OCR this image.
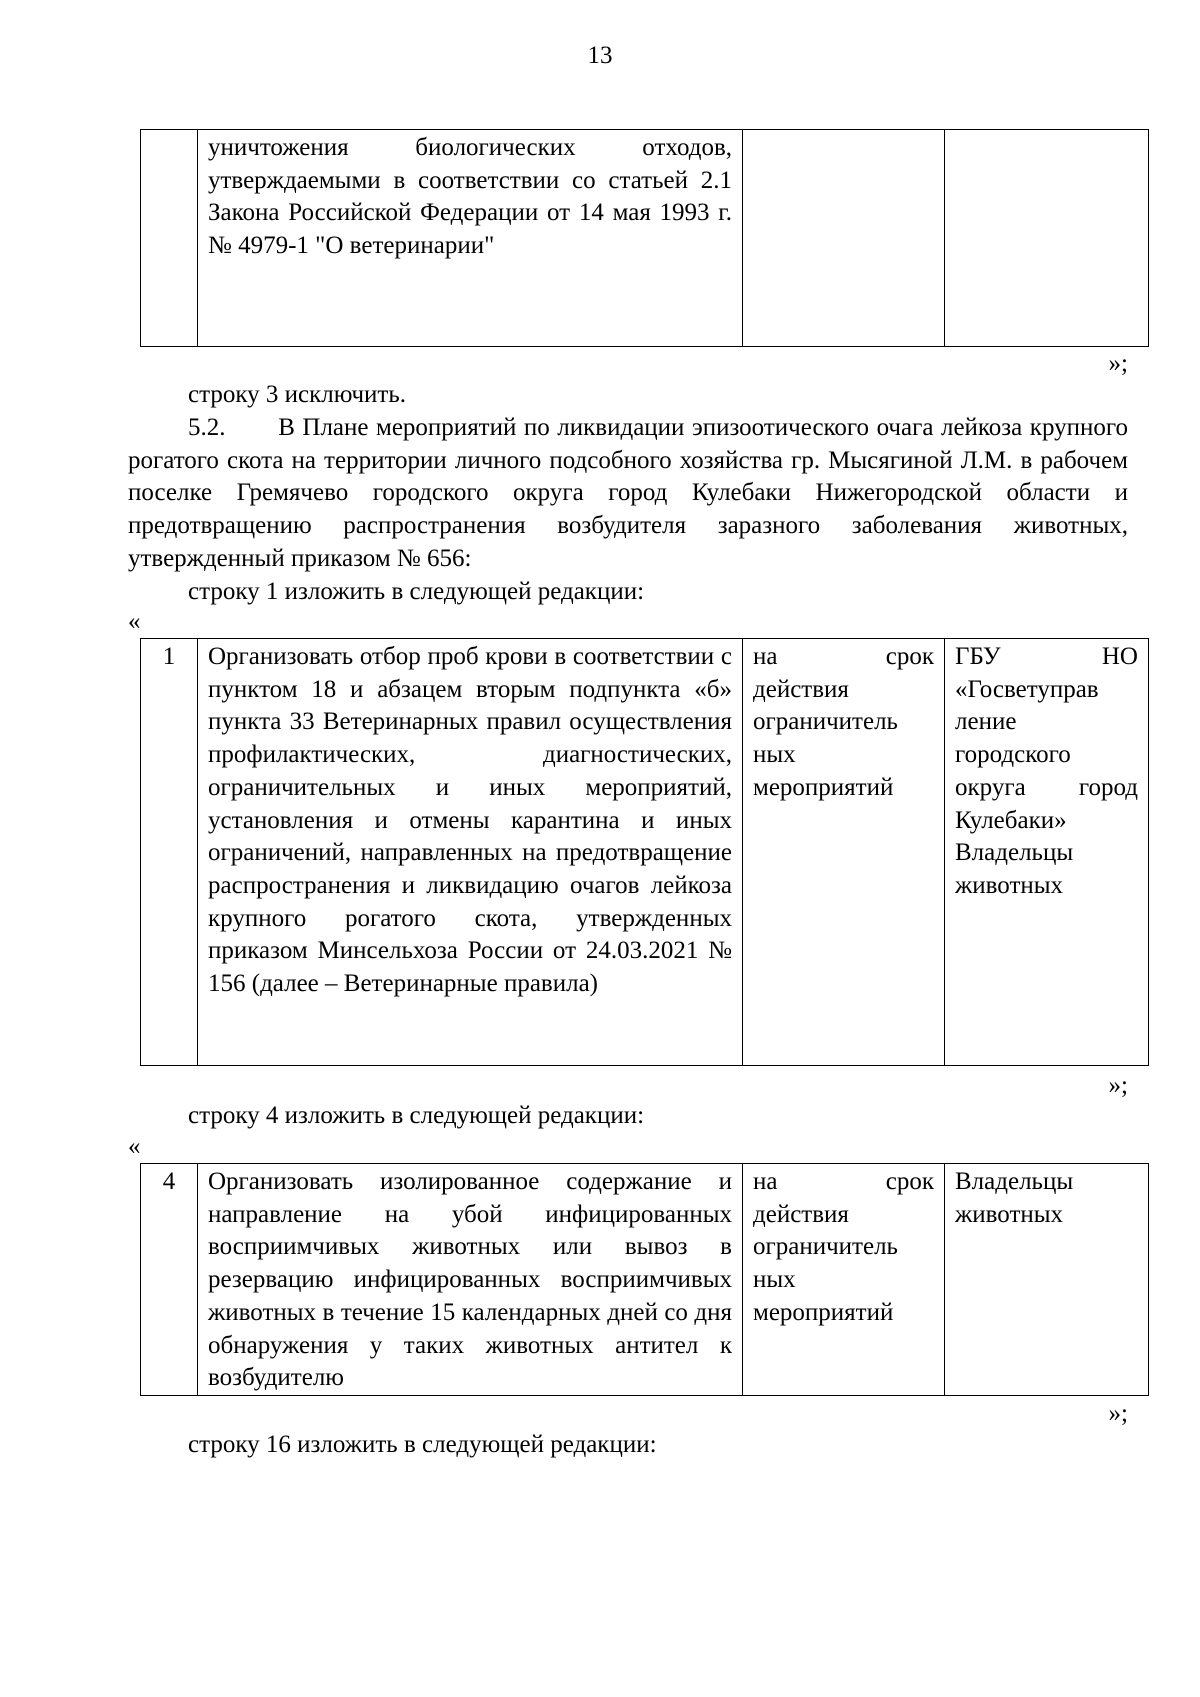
13
	уничтожения биологических отходов, утверждаемыми в соответствии со статьей 2.1 Закона Российской Федерации от 14 мая 1993 г. № 4979-1 "О ветеринарии"		
»;
строку 3 исключить.
5.2. В Плане мероприятий по ликвидации эпизоотического очага лейкоза крупного рогатого скота на территории личного подсобного хозяйства гр. Мысягиной Л.М. в рабочем поселке Гремячево городского округа город Кулебаки Нижегородской области и предотвращению распространения возбудителя заразного заболевания животных, утвержденный приказом № 656:
строку 1 изложить в следующей редакции:
«
1	Организовать отбор проб крови в соответствии с пунктом 18 и абзацем вторым подпункта «б» пункта 33 Ветеринарных правил осуществления профилактических, диагностических, ограничительных и иных мероприятий, установления и отмены карантина и иных ограничений, направленных на предотвращение распространения и ликвидацию очагов лейкоза крупного рогатого скота, утвержденных приказом Минсельхоза России от 24.03.2021 № 156 (далее – Ветеринарные правила)	на срок действия ограничитель ных мероприятий	ГБУ НО «Госветуправ ление городского округа город Кулебаки» Владельцы животных
»;
строку 4 изложить в следующей редакции:
«
4	Организовать изолированное содержание и направление на убой инфицированных восприимчивых животных или вывоз в резервацию инфицированных восприимчивых животных в течение 15 календарных дней со дня обнаружения у таких животных антител к возбудителю	на срок действия ограничитель ных мероприятий	Владельцы животных
»;
строку 16 изложить в следующей редакции:
